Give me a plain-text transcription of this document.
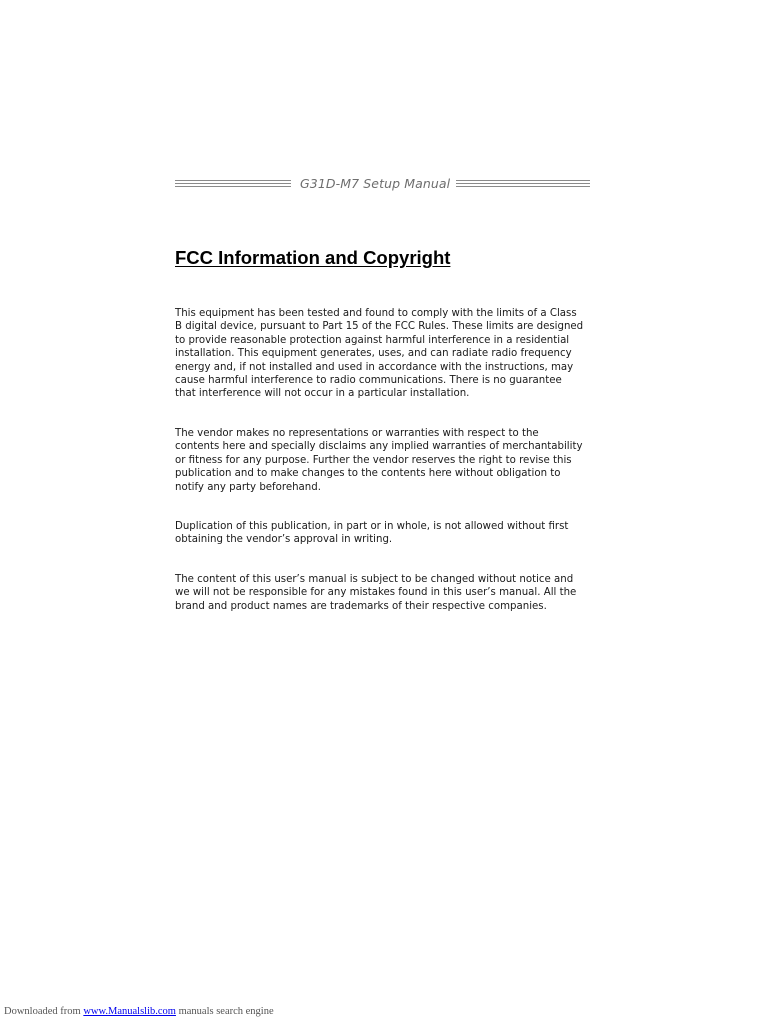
G31D-M7 Setup Manual
FCC Information and Copyright

This equipment has been tested and found to comply with the limits of a Class
B digital device, pursuant to Part 15 of the FCC Rules. These limits are designed
to provide reasonable protection against harmful interference in a residential
installation. This equipment generates, uses, and can radiate radio frequency
energy and, if not installed and used in accordance with the instructions, may
cause harmful interference to radio communications. There is no guarantee
that interference will not occur in a particular installation.

The vendor makes no representations or warranties with respect to the
contents here and specially disclaims any implied warranties of merchantability
or fitness for any purpose. Further the vendor reserves the right to revise this
publication and to make changes to the contents here without obligation to
notify any party beforehand.

Duplication of this publication, in part or in whole, is not allowed without first
obtaining the vendor’s approval in writing.

The content of this user’s manual is subject to be changed without notice and
we will not be responsible for any mistakes found in this user’s manual. All the
brand and product names are trademarks of their respective companies.

Downloaded from www.Manualslib.com manuals search engine
